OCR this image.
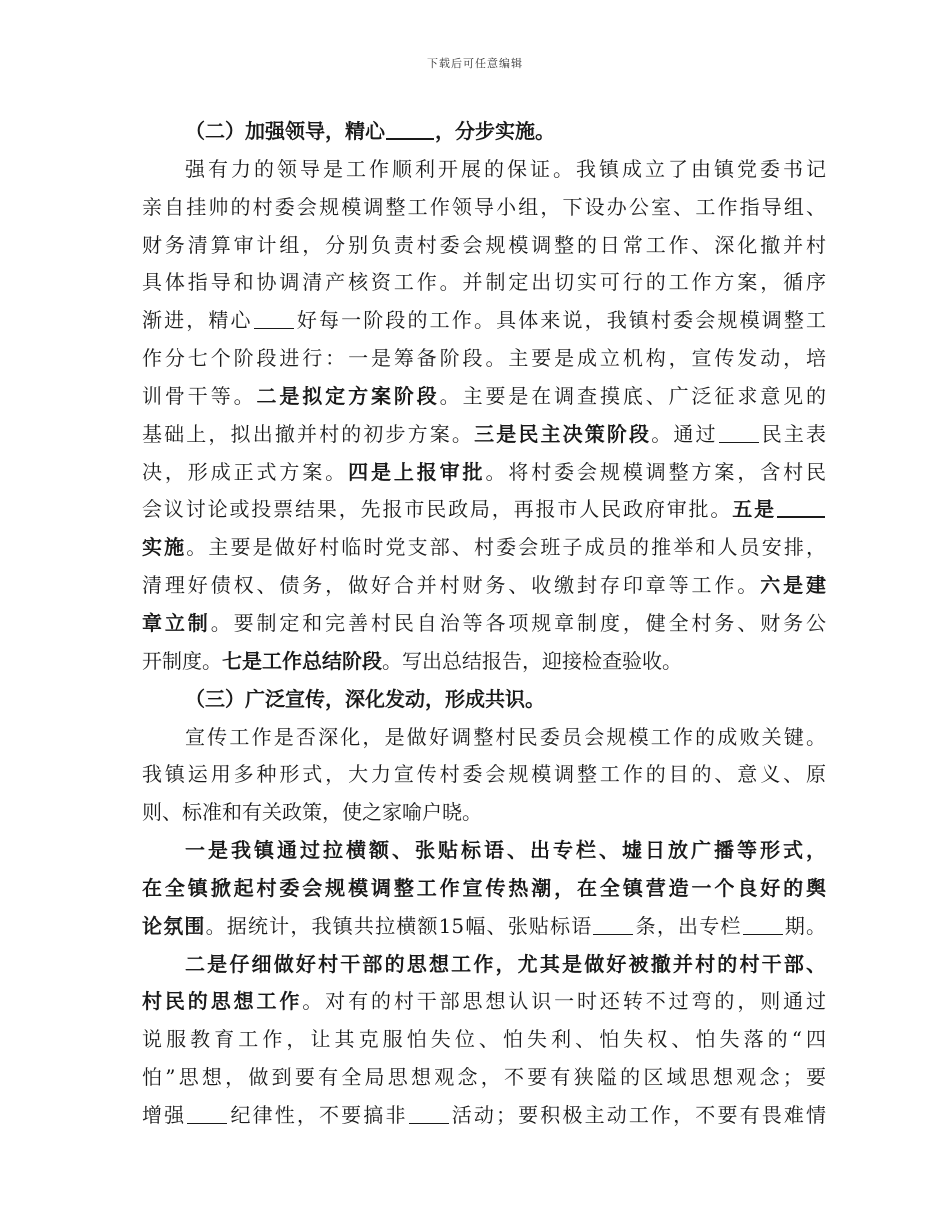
下载后可任意编辑
（二）加强领导，精心	，分步实施。
强有力的领导是工作顺利开展的保证。我镇成立了由镇党委书记
亲自挂帅的村委会规模调整工作领导小组，下设办公室、工作指导组、
财务清算审计组，分别负责村委会规模调整的日常工作、深化撤并村
具体指导和协调清产核资工作。并制定出切实可行的工作方案，循序
渐进，精心 好每一阶段的工作。具体来说，我镇村委会规模调整工
作分七个阶段进行：一是筹备阶段。主要是成立机构，宣传发动，培
训骨干等。二是拟定方案阶段。主要是在调查摸底、广泛征求意见的
基础上，拟出撤并村的初步方案。三是民主决策阶段。通过 民主表
决，形成正式方案。四是上报审批。将村委会规模调整方案，含村民
会议讨论或投票结果，先报市民政局，再报市人民政府审批。五是
实施。主要是做好村临时党支部、村委会班子成员的推举和人员安排，
清理好债权、债务，做好合并村财务、收缴封存印章等工作。六是建
章立制。要制定和完善村民自治等各项规章制度，健全村务、财务公
开制度。七是工作总结阶段。写出总结报告，迎接检查验收。
（三）广泛宣传，深化发动，形成共识。
宣传工作是否深化，是做好调整村民委员会规模工作的成败关键。
我镇运用多种形式，大力宣传村委会规模调整工作的目的、意义、原
则、标准和有关政策，使之家喻户晓。
一是我镇通过拉横额、张贴标语、出专栏、墟日放广播等形式，
在全镇掀起村委会规模调整工作宣传热潮，在全镇营造一个良好的舆
论氛围。据统计，我镇共拉横额15幅、张贴标语 条，出专栏 期。
二是仔细做好村干部的思想工作，尤其是做好被撤并村的村干部、
村民的思想工作。对有的村干部思想认识一时还转不过弯的，则通过
说服教育工作，让其克服怕失位、怕失利、怕失权、怕失落的“四
怕”思想，做到要有全局思想观念，不要有狭隘的区域思想观念；要
增强 纪律性，不要搞非 活动；要积极主动工作，不要有畏难情
